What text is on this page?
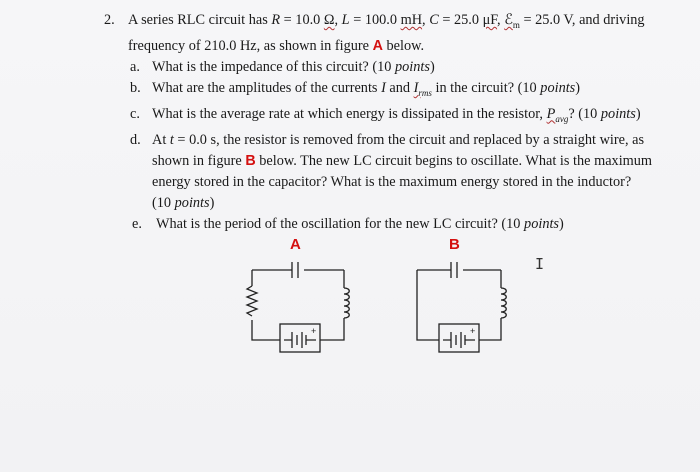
2. A series RLC circuit has R = 10.0 Ω, L = 100.0 mH, C = 25.0 μF, ℰ$_m$ = 25.0 V, and driving
frequency of 210.0 Hz, as shown in figure A below.
a. What is the impedance of this circuit? (10 points)
b. What are the amplitudes of the currents I and $I_{rms}$ in the circuit? (10 points)
c. What is the average rate at which energy is dissipated in the resistor, $P_{avg}$? (10 points)
d. At t = 0.0 s, the resistor is removed from the circuit and replaced by a straight wire, as
shown in figure B below. The new LC circuit begins to oscillate. What is the maximum
energy stored in the capacitor? What is the maximum energy stored in the inductor?
(10 points)
e. What is the period of the oscillation for the new LC circuit? (10 points)
A
+
B
+
I
